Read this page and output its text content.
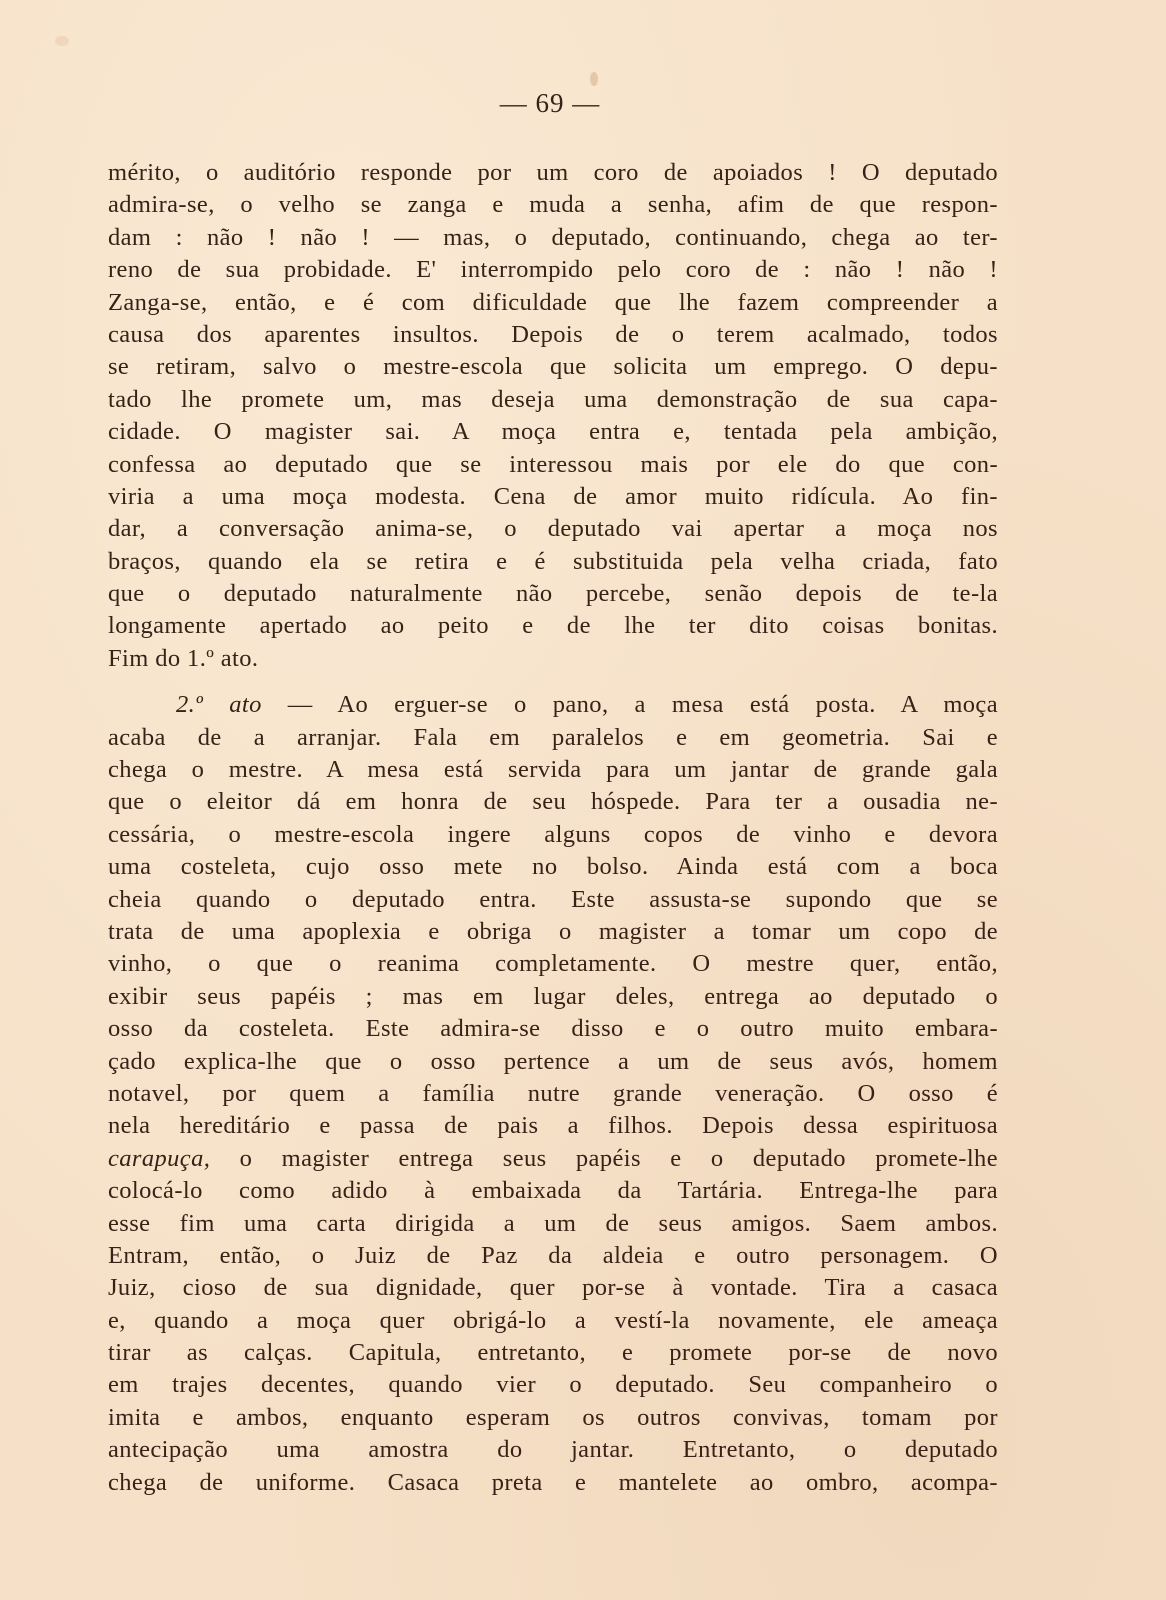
— 69 —
mérito, o auditório responde por um coro de apoiados ! O deputado
admira-se, o velho se zanga e muda a senha, afim de que respon-
dam : não ! não ! — mas, o deputado, continuando, chega ao ter-
reno de sua probidade. E' interrompido pelo coro de : não ! não !
Zanga-se, então, e é com dificuldade que lhe fazem compreender a
causa dos aparentes insultos. Depois de o terem acalmado, todos
se retiram, salvo o mestre-escola que solicita um emprego. O depu-
tado lhe promete um, mas deseja uma demonstração de sua capa-
cidade. O magister sai. A moça entra e, tentada pela ambição,
confessa ao deputado que se interessou mais por ele do que con-
viria a uma moça modesta. Cena de amor muito ridícula. Ao fin-
dar, a conversação anima-se, o deputado vai apertar a moça nos
braços, quando ela se retira e é substituida pela velha criada, fato
que o deputado naturalmente não percebe, senão depois de te-la
longamente apertado ao peito e de lhe ter dito coisas bonitas.
Fim do 1.º ato.
2.º ato — Ao erguer-se o pano, a mesa está posta. A moça
acaba de a arranjar. Fala em paralelos e em geometria. Sai e
chega o mestre. A mesa está servida para um jantar de grande gala
que o eleitor dá em honra de seu hóspede. Para ter a ousadia ne-
cessária, o mestre-escola ingere alguns copos de vinho e devora
uma costeleta, cujo osso mete no bolso. Ainda está com a boca
cheia quando o deputado entra. Este assusta-se supondo que se
trata de uma apoplexia e obriga o magister a tomar um copo de
vinho, o que o reanima completamente. O mestre quer, então,
exibir seus papéis ; mas em lugar deles, entrega ao deputado o
osso da costeleta. Este admira-se disso e o outro muito embara-
çado explica-lhe que o osso pertence a um de seus avós, homem
notavel, por quem a família nutre grande veneração. O osso é
nela hereditário e passa de pais a filhos. Depois dessa espirituosa
carapuça, o magister entrega seus papéis e o deputado promete-lhe
colocá-lo como adido à embaixada da Tartária. Entrega-lhe para
esse fim uma carta dirigida a um de seus amigos. Saem ambos.
Entram, então, o Juiz de Paz da aldeia e outro personagem. O
Juiz, cioso de sua dignidade, quer por-se à vontade. Tira a casaca
e, quando a moça quer obrigá-lo a vestí-la novamente, ele ameaça
tirar as calças. Capitula, entretanto, e promete por-se de novo
em trajes decentes, quando vier o deputado. Seu companheiro o
imita e ambos, enquanto esperam os outros convivas, tomam por
antecipação uma amostra do jantar. Entretanto, o deputado
chega de uniforme. Casaca preta e mantelete ao ombro, acompa-
